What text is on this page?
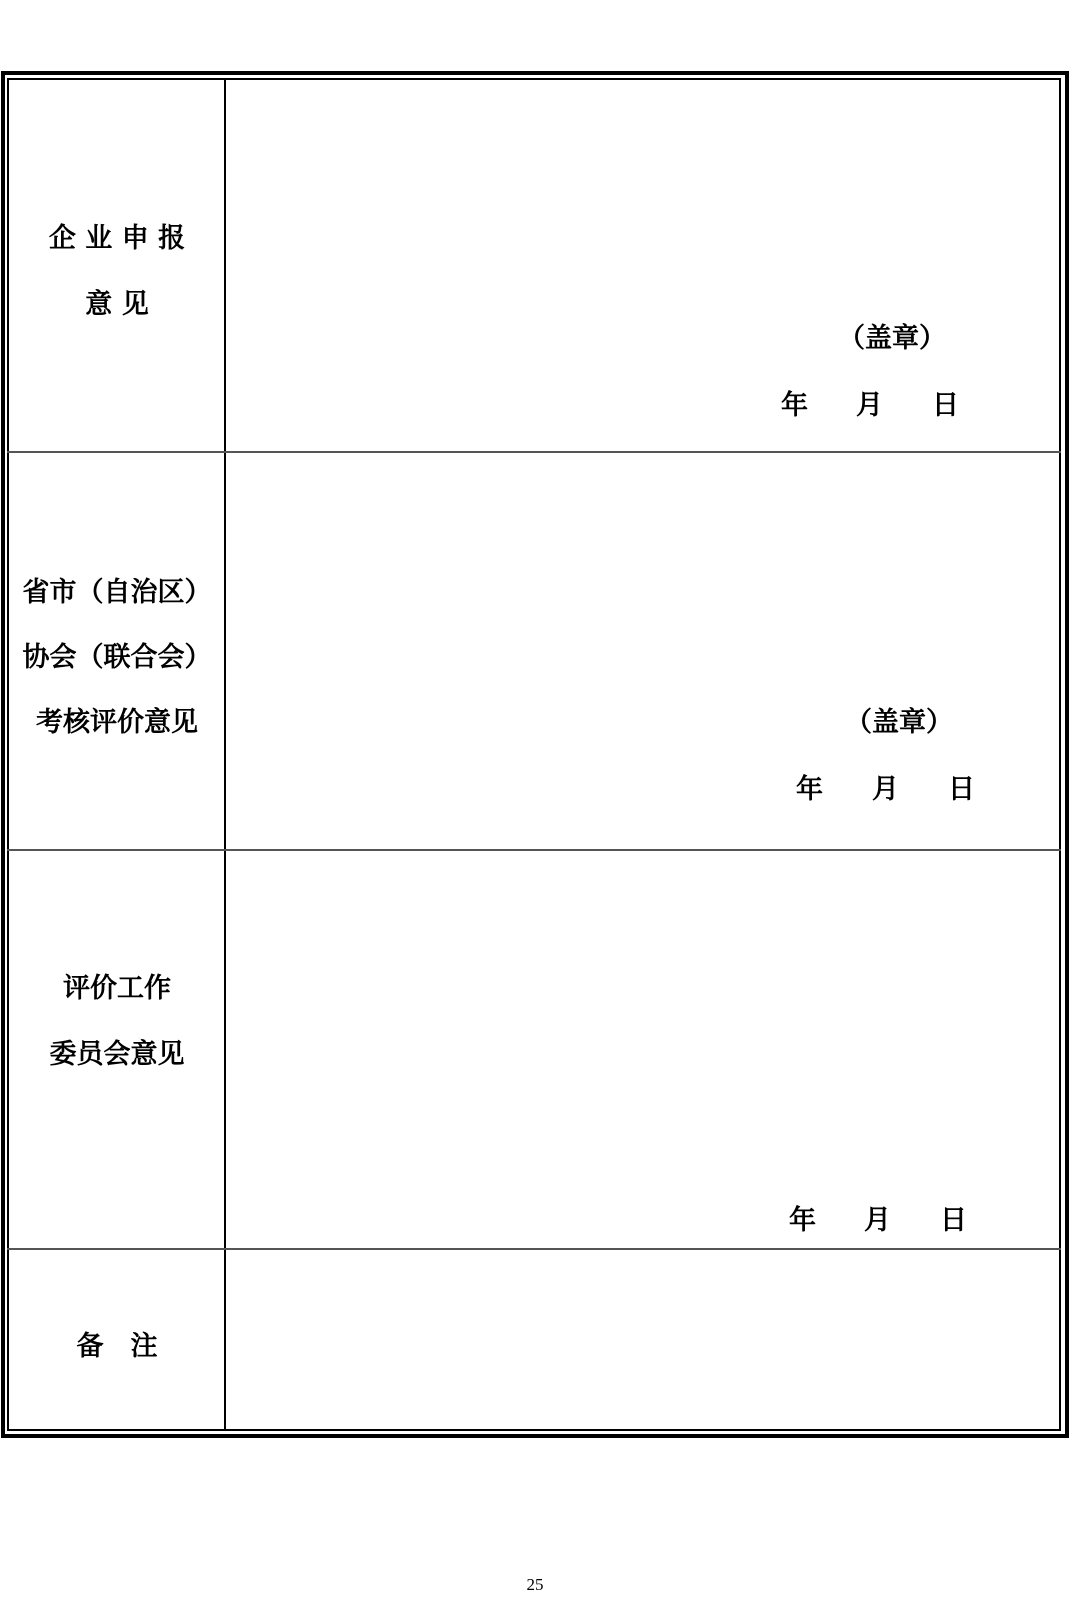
企 业 申 报
意 见
（盖章）
年 月 日
省市（自治区）
协会（联合会）
考核评价意见	（盖章）
年 月 日
评价工作
委员会意见
年 月 日
备　注
25
